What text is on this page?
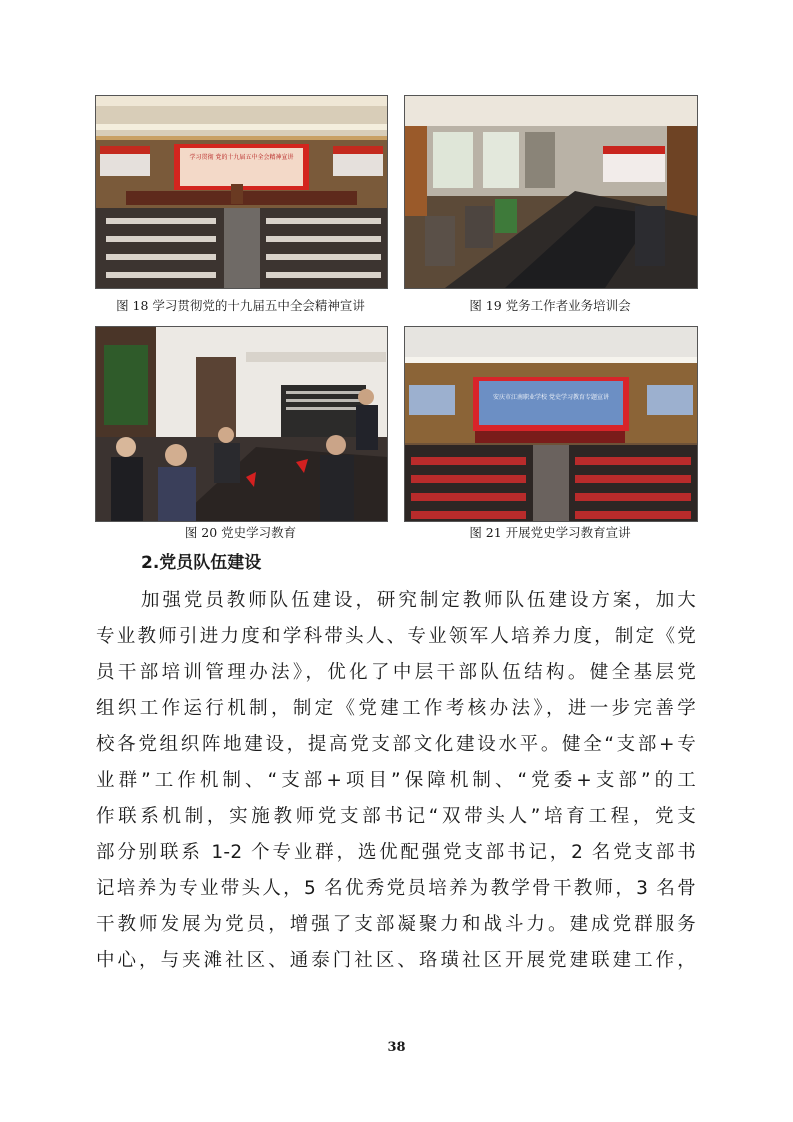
学习贯彻 党的十九届五中全会精神宣讲
图 18 学习贯彻党的十九届五中全会精神宣讲	图 19 党务工作者业务培训会
图 20 党史学习教育
安庆市江南职业学校 党史学习教育专题宣讲
图 21 开展党史学习教育宣讲
2.党员队伍建设
加强党员教师队伍建设，研究制定教师队伍建设方案，加大
专业教师引进力度和学科带头人、专业领军人培养力度，制定《党
员干部培训管理办法》，优化了中层干部队伍结构。健全基层党
组织工作运行机制，制定《党建工作考核办法》，进一步完善学
校各党组织阵地建设，提高党支部文化建设水平。健全“支部+专
业群”工作机制、“支部+项目”保障机制、“党委+支部”的工
作联系机制，实施教师党支部书记“双带头人”培育工程，党支
部分别联系 1-2 个专业群，选优配强党支部书记，2 名党支部书
记培养为专业带头人，5 名优秀党员培养为教学骨干教师，3 名骨
干教师发展为党员，增强了支部凝聚力和战斗力。建成党群服务
中心，与夹滩社区、通泰门社区、珞璜社区开展党建联建工作，
38
